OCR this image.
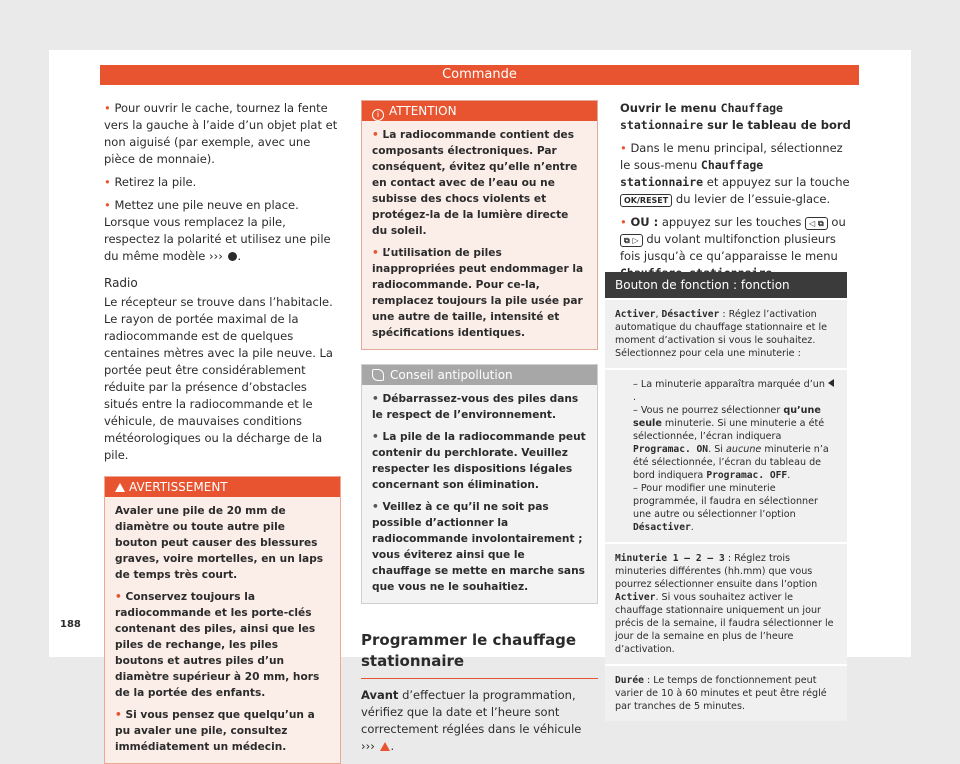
Commande

• Pour ouvrir le cache, tournez la fente vers la gauche à l’aide d’un objet plat et non aiguisé (par exemple, avec une pièce de monnaie).

• Retirez la pile.

• Mettez une pile neuve en place. Lorsque vous remplacez la pile, respectez la polarité et utilisez une pile du même modèle ››› .

Radio

Le récepteur se trouve dans l’habitacle. Le rayon de portée maximal de la radiocommande est de quelques centaines mètres avec la pile neuve. La portée peut être considérablement réduite par la présence d’obstacles situés entre la radiocommande et le véhicule, de mauvaises conditions météorologiques ou la décharge de la pile.

AVERTISSEMENT

Avaler une pile de 20 mm de diamètre ou toute autre pile bouton peut causer des blessures graves, voire mortelles, en un laps de temps très court.

• Conservez toujours la radiocommande et les porte-clés contenant des piles, ainsi que les piles de rechange, les piles boutons et autres piles d’un diamètre supérieur à 20 mm, hors de la portée des enfants.

• Si vous pensez que quelqu’un a pu avaler une pile, consultez immédiatement un médecin.

i ATTENTION

• La radiocommande contient des composants électroniques. Par conséquent, évitez qu’elle n’entre en contact avec de l’eau ou ne subisse des chocs violents et protégez-la de la lumière directe du soleil.

• L’utilisation de piles inappropriées peut endommager la radiocommande. Pour ce-la, remplacez toujours la pile usée par une autre de taille, intensité et spécifications identiques.

Conseil antipollution

• Débarrassez-vous des piles dans le respect de l’environnement.

• La pile de la radiocommande peut contenir du perchlorate. Veuillez respecter les dispositions légales concernant son élimination.

• Veillez à ce qu’il ne soit pas possible d’actionner la radiocommande involontairement ; vous éviterez ainsi que le chauffage se mette en marche sans que vous ne le souhaitiez.

Programmer le chauffage stationnaire

Avant d’effectuer la programmation, vérifiez que la date et l’heure sont correctement réglées dans le véhicule ››› .

Ouvrir le menu Chauffage stationnaire sur le tableau de bord

• Dans le menu principal, sélectionnez le sous-menu Chauffage stationnaire et appuyez sur la touche OK/RESET du levier de l’essuie-glace.

• OU : appuyez sur les touches ◁ ⧉ ou ⧉ ▷ du volant multifonction plusieurs fois jusqu’à ce qu’apparaisse le menu

Bouton de fonction : fonction
Activer, Désactiver : Réglez l’activation automatique du chauffage stationnaire et le moment d’activation si vous le souhaitez. Sélectionnez pour cela une minuterie :
– La minuterie apparaîtra marquée d’un .
– Vous ne pourrez sélectionner qu’une seule minuterie. Si une minuterie a été sélectionnée, l’écran indiquera Programac. ON. Si aucune minuterie n’a été sélectionnée, l’écran du tableau de bord indiquera Programac. OFF.
– Pour modifier une minuterie programmée, il faudra en sélectionner une autre ou sélectionner l’option Désactiver.
Minuterie 1 – 2 – 3 : Réglez trois minuteries différentes (hh.mm) que vous pourrez sélectionner ensuite dans l’option Activer. Si vous souhaitez activer le chauffage stationnaire uniquement un jour précis de la semaine, il faudra sélectionner le jour de la semaine en plus de l’heure d’activation.
Durée : Le temps de fonctionnement peut varier de 10 à 60 minutes et peut être réglé par tranches de 5 minutes.
188
